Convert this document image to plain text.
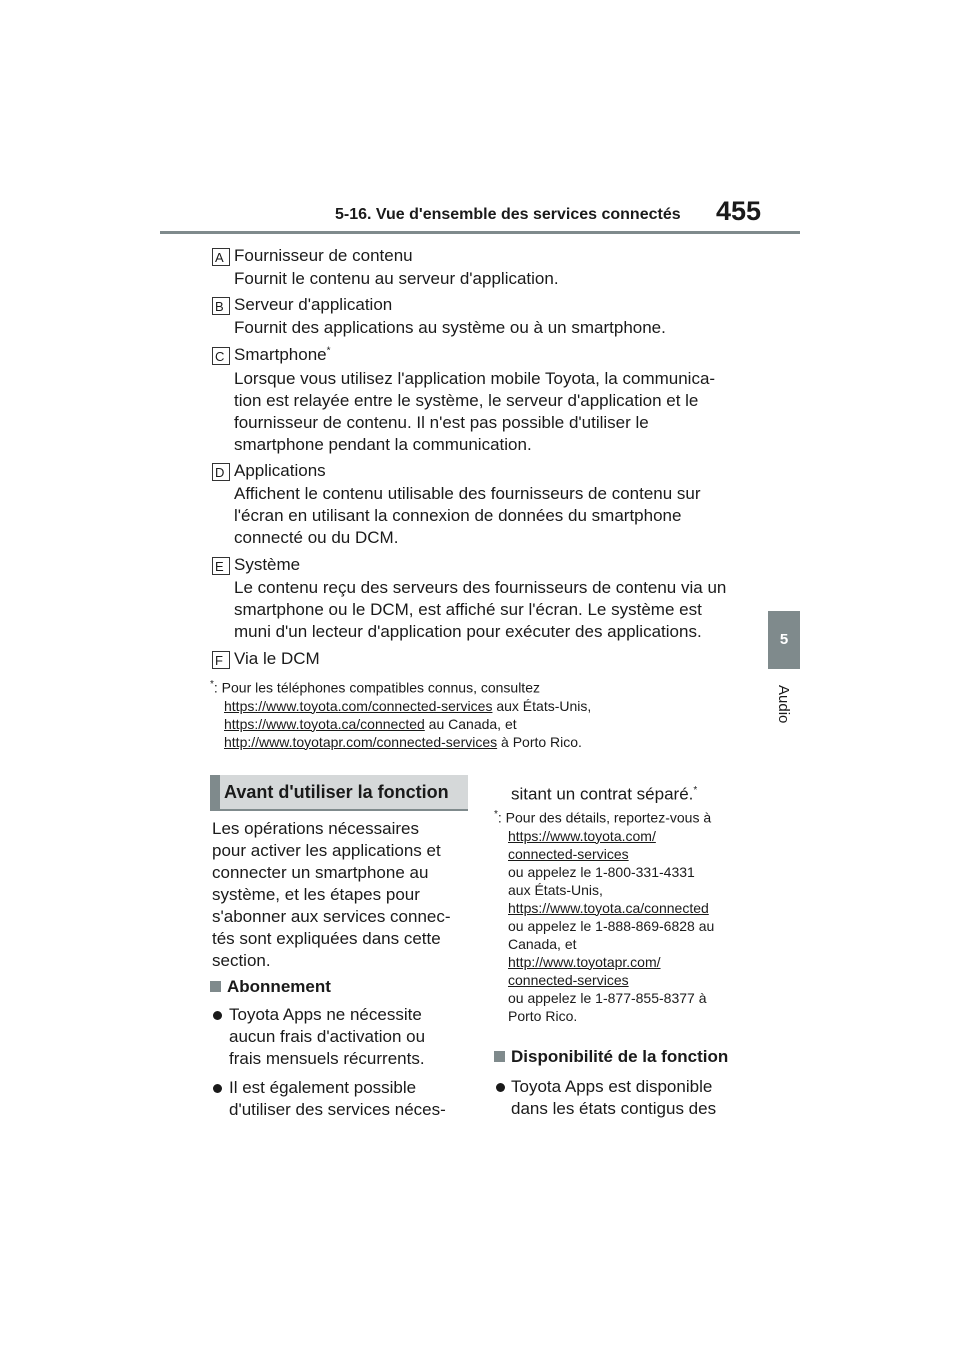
5-16. Vue d'ensemble des services connectés 455
5
Audio
A Fournisseur de contenu
Fournit le contenu au serveur d'application.
B Serveur d'application
Fournit des applications au système ou à un smartphone.
C Smartphone*
Lorsque vous utilisez l'application mobile Toyota, la communica-
tion est relayée entre le système, le serveur d'application et le
fournisseur de contenu. Il n'est pas possible d'utiliser le
smartphone pendant la communication.
D Applications
Affichent le contenu utilisable des fournisseurs de contenu sur
l'écran en utilisant la connexion de données du smartphone
connecté ou du DCM.
E Système
Le contenu reçu des serveurs des fournisseurs de contenu via un
smartphone ou le DCM, est affiché sur l'écran. Le système est
muni d'un lecteur d'application pour exécuter des applications.
F Via le DCM
*: Pour les téléphones compatibles connus, consultez
https://www.toyota.com/connected-services aux États-Unis,
https://www.toyota.ca/connected au Canada, et
http://www.toyotapr.com/connected-services à Porto Rico.
Avant d'utiliser la fonction
Les opérations nécessaires
pour activer les applications et
connecter un smartphone au
système, et les étapes pour
s'abonner aux services connec-
tés sont expliquées dans cette
section.
Abonnement
Toyota Apps ne nécessite
aucun frais d'activation ou
frais mensuels récurrents.
Il est également possible
d'utiliser des services néces-
sitant un contrat séparé.*
*: Pour des détails, reportez-vous à
https://www.toyota.com/
connected-services
ou appelez le 1-800-331-4331
aux États-Unis,
https://www.toyota.ca/connected
ou appelez le 1-888-869-6828 au
Canada, et
http://www.toyotapr.com/
connected-services
ou appelez le 1-877-855-8377 à
Porto Rico.
Disponibilité de la fonction
Toyota Apps est disponible
dans les états contigus des
